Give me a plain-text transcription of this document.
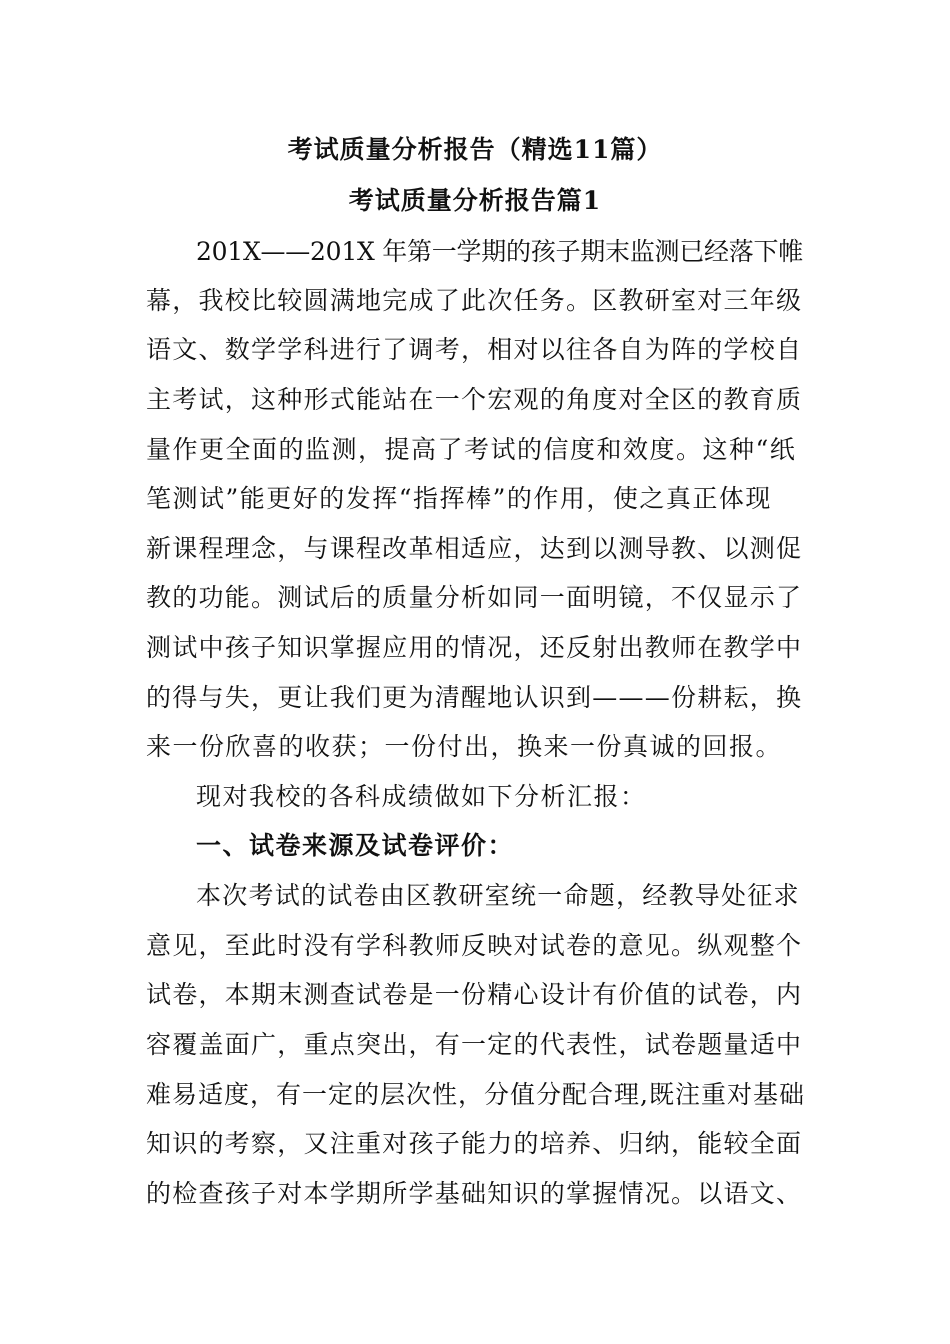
考试质量分析报告（精选11篇）
考试质量分析报告篇1
201X——201X 年第一学期的孩子期末监测已经落下帷
幕，我校比较圆满地完成了此次任务。区教研室对三年级
语文、数学学科进行了调考，相对以往各自为阵的学校自
主考试，这种形式能站在一个宏观的角度对全区的教育质
量作更全面的监测，提高了考试的信度和效度。这种“纸
笔测试”能更好的发挥“指挥棒”的作用，使之真正体现
新课程理念，与课程改革相适应，达到以测导教、以测促
教的功能。测试后的质量分析如同一面明镜，不仅显示了
测试中孩子知识掌握应用的情况，还反射出教师在教学中
的得与失，更让我们更为清醒地认识到———份耕耘，换
来一份欣喜的收获；一份付出，换来一份真诚的回报。
现对我校的各科成绩做如下分析汇报：
一、试卷来源及试卷评价：
本次考试的试卷由区教研室统一命题，经教导处征求
意见，至此时没有学科教师反映对试卷的意见。纵观整个
试卷，本期末测查试卷是一份精心设计有价值的试卷，内
容覆盖面广，重点突出，有一定的代表性，试卷题量适中
难易适度，有一定的层次性，分值分配合理,既注重对基础
知识的考察，又注重对孩子能力的培养、归纳，能较全面
的检查孩子对本学期所学基础知识的掌握情况。以语文、
